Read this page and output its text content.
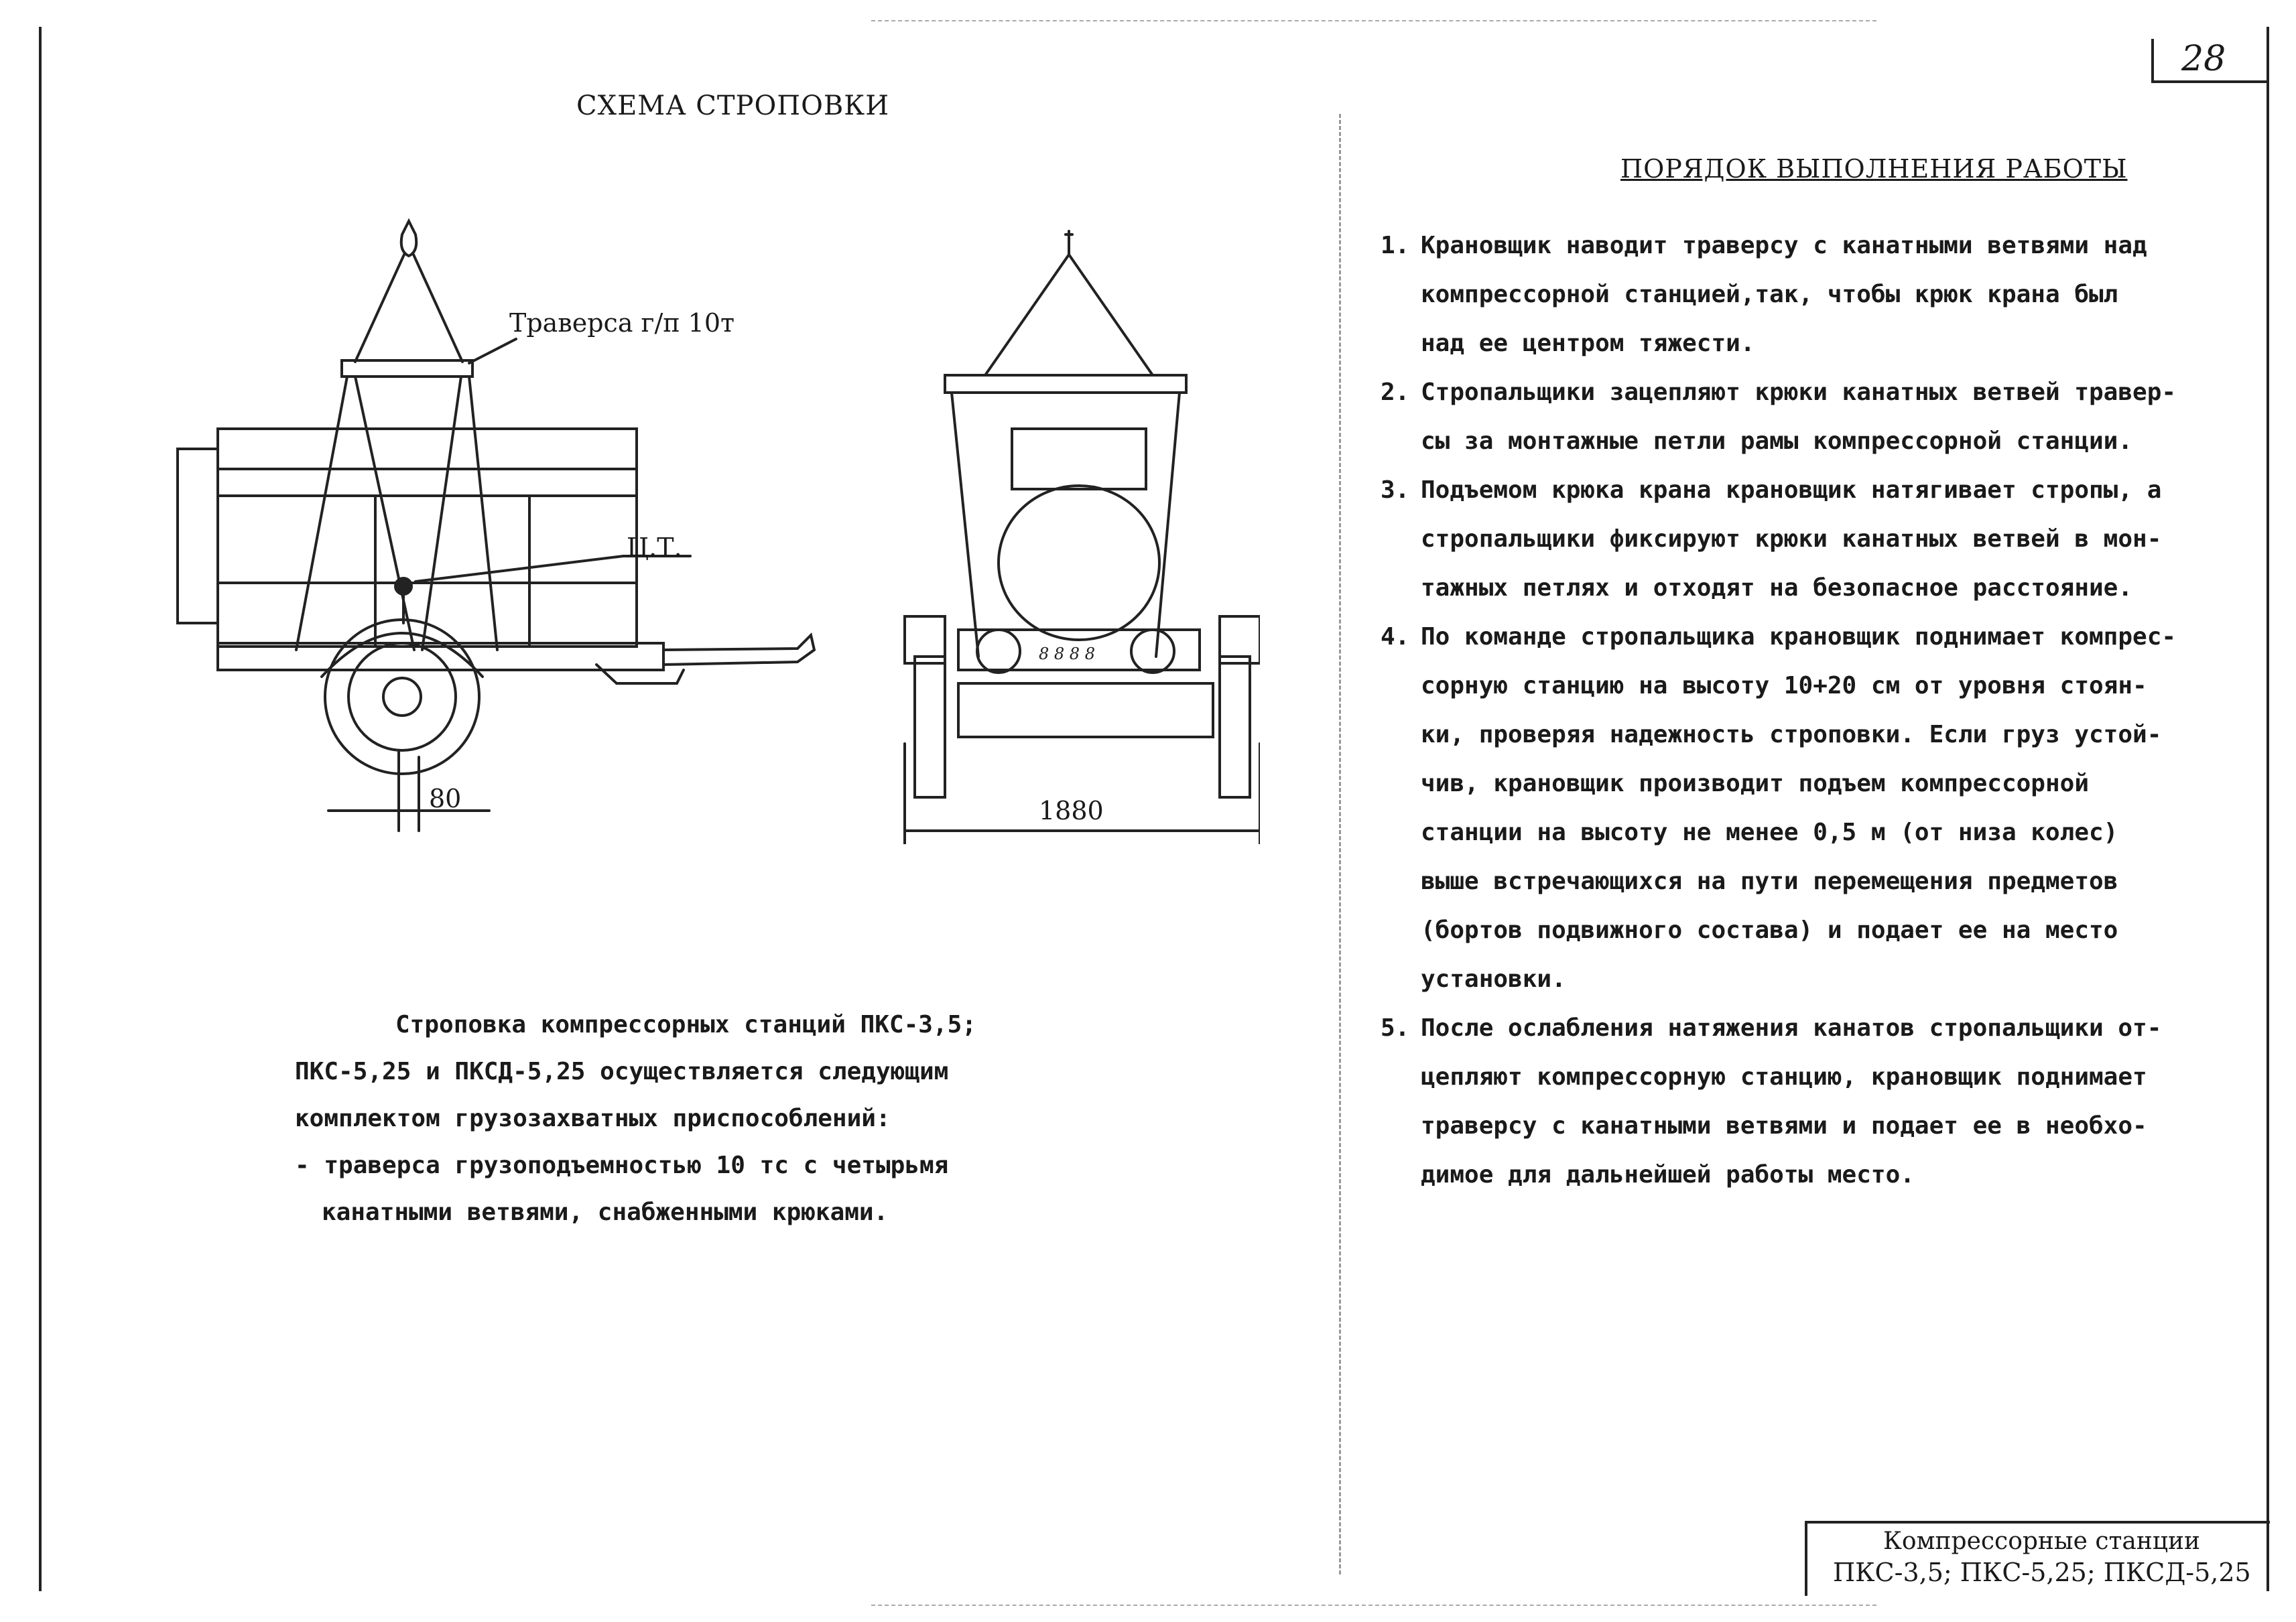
28
СХЕМА СТРОПОВКИ
ПОРЯДОК ВЫПОЛНЕНИЯ РАБОТЫ
8 8 8 8
Траверса г/п 10т
Ц.Т.
80	1880

Строповка компрессорных станций ПКС-3,5;

ПКС-5,25 и ПКСД-5,25 осуществляется следующим

комплектом грузозахватных приспособлений:

- траверса грузоподъемностью 10 тс с четырьмя

канатными ветвями, снабженными крюками.

1. Крановщик наводит траверсу с канатными ветвями над
компрессорной станцией,так, чтобы крюк крана был
над ее центром тяжести.
2. Стропальщики зацепляют крюки канатных ветвей травер-
сы за монтажные петли рамы компрессорной станции.
3. Подъемом крюка крана крановщик натягивает стропы, а
стропальщики фиксируют крюки канатных ветвей в мон-
тажных петлях и отходят на безопасное расстояние.
4. По команде стропальщика крановщик поднимает компрес-
сорную станцию на высоту 10+20 см от уровня стоян-
ки, проверяя надежность строповки. Если груз устой-
чив, крановщик производит подъем компрессорной
станции на высоту не менее 0,5 м (от низа колес)
выше встречающихся на пути перемещения предметов
(бортов подвижного состава) и подает ее на место
установки.
5. После ослабления натяжения канатов стропальщики от-
цепляют компрессорную станцию, крановщик поднимает
траверсу с канатными ветвями и подает ее в необхо-
димое для дальнейшей работы место.
Компрессорные станции
ПКС-3,5; ПКС-5,25; ПКСД-5,25
